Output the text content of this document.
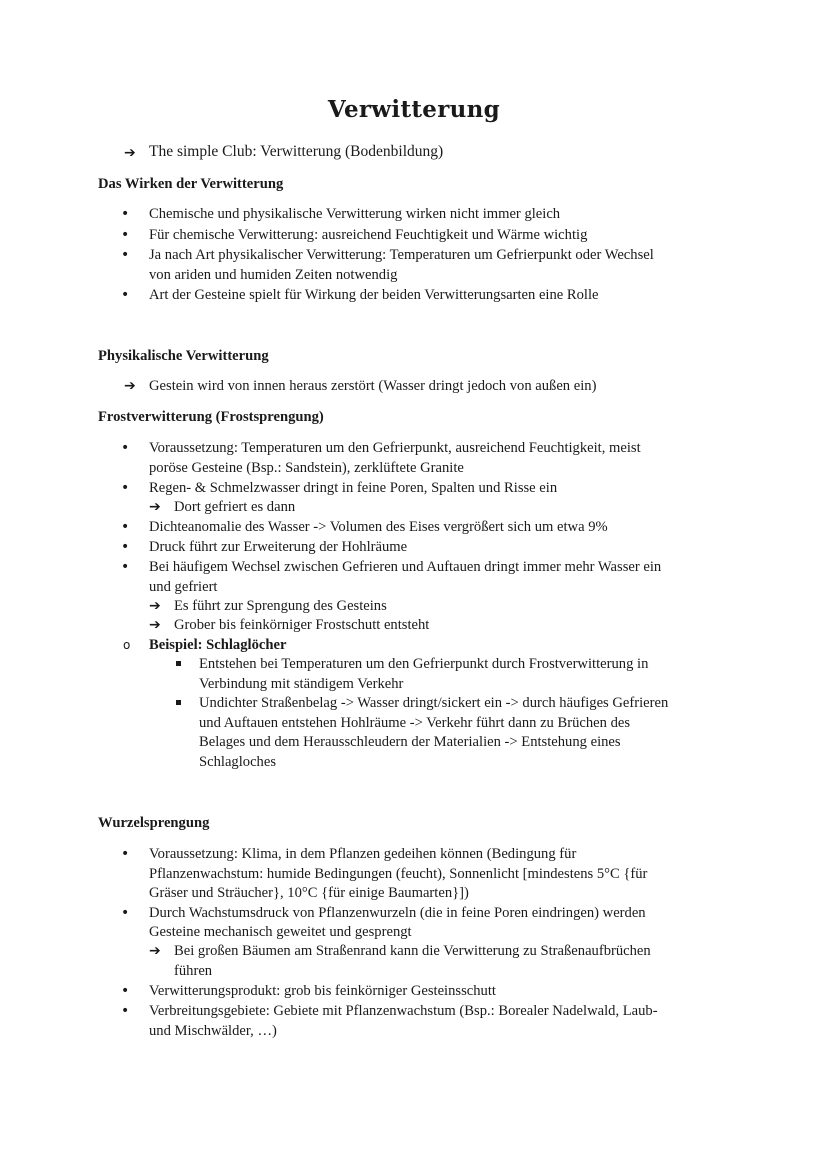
Verwitterung
➔ The simple Club: Verwitterung (Bodenbildung)
Das Wirken der Verwitterung
• Chemische und physikalische Verwitterung wirken nicht immer gleich
• Für chemische Verwitterung: ausreichend Feuchtigkeit und Wärme wichtig
• Ja nach Art physikalischer Verwitterung: Temperaturen um Gefrierpunkt oder Wechsel
von ariden und humiden Zeiten notwendig
• Art der Gesteine spielt für Wirkung der beiden Verwitterungsarten eine Rolle
Physikalische Verwitterung
➔ Gestein wird von innen heraus zerstört (Wasser dringt jedoch von außen ein)
Frostverwitterung (Frostsprengung)
• Voraussetzung: Temperaturen um den Gefrierpunkt, ausreichend Feuchtigkeit, meist
poröse Gesteine (Bsp.: Sandstein), zerklüftete Granite
• Regen- & Schmelzwasser dringt in feine Poren, Spalten und Risse ein
➔ Dort gefriert es dann
• Dichteanomalie des Wasser -> Volumen des Eises vergrößert sich um etwa 9%
• Druck führt zur Erweiterung der Hohlräume
• Bei häufigem Wechsel zwischen Gefrieren und Auftauen dringt immer mehr Wasser ein
und gefriert
➔ Es führt zur Sprengung des Gesteins
➔ Grober bis feinkörniger Frostschutt entsteht
o Beispiel: Schlaglöcher
Entstehen bei Temperaturen um den Gefrierpunkt durch Frostverwitterung in
Verbindung mit ständigem Verkehr
Undichter Straßenbelag -> Wasser dringt/sickert ein -> durch häufiges Gefrieren
und Auftauen entstehen Hohlräume -> Verkehr führt dann zu Brüchen des
Belages und dem Herausschleudern der Materialien -> Entstehung eines
Schlagloches
Wurzelsprengung
• Voraussetzung: Klima, in dem Pflanzen gedeihen können (Bedingung für
Pflanzenwachstum: humide Bedingungen (feucht), Sonnenlicht [mindestens 5°C {für
Gräser und Sträucher}, 10°C {für einige Baumarten}])
• Durch Wachstumsdruck von Pflanzenwurzeln (die in feine Poren eindringen) werden
Gesteine mechanisch geweitet und gesprengt
➔ Bei großen Bäumen am Straßenrand kann die Verwitterung zu Straßenaufbrüchen
führen
• Verwitterungsprodukt: grob bis feinkörniger Gesteinsschutt
• Verbreitungsgebiete: Gebiete mit Pflanzenwachstum (Bsp.: Borealer Nadelwald, Laub-
und Mischwälder, …)
